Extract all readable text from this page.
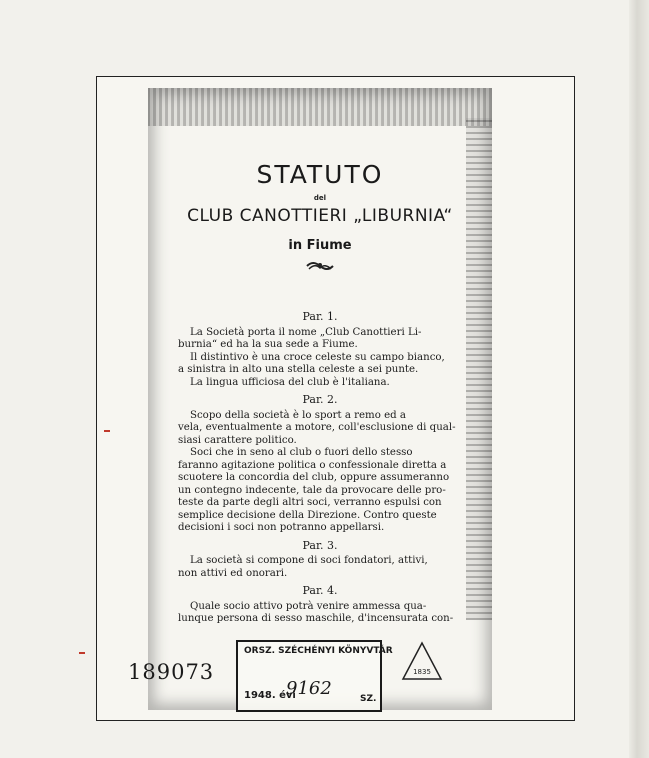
STATUTO
del
CLUB CANOTTIERI „LIBURNIA“
in Fiume
Par. 1.
La Società porta il nome „Club Canottieri Li-
burnia“ ed ha la sua sede a Fiume.
Il distintivo è una croce celeste su campo bianco,
a sinistra in alto una stella celeste a sei punte.
La lingua ufficiosa del club è l'italiana.
Par. 2.
Scopo della società è lo sport a remo ed a
vela, eventualmente a motore, coll'esclusione di qual-
siasi carattere politico.
Soci che in seno al club o fuori dello stesso
faranno agitazione politica o confessionale diretta a
scuotere la concordia del club, oppure assumeranno
un contegno indecente, tale da provocare delle pro-
teste da parte degli altri soci, verranno espulsi con
semplice decisione della Direzione. Contro queste
decisioni i soci non potranno appellarsi.
Par. 3.
La società si compone di soci fondatori, attivi,
non attivi ed onorari.
Par. 4.
Quale socio attivo potrà venire ammessa qua-
lunque persona di sesso maschile, d'incensurata con-
189073
ORSZ. SZÉCHÉNYI KÖNYVTÁR
1948. évi
9162	SZ.
1835
